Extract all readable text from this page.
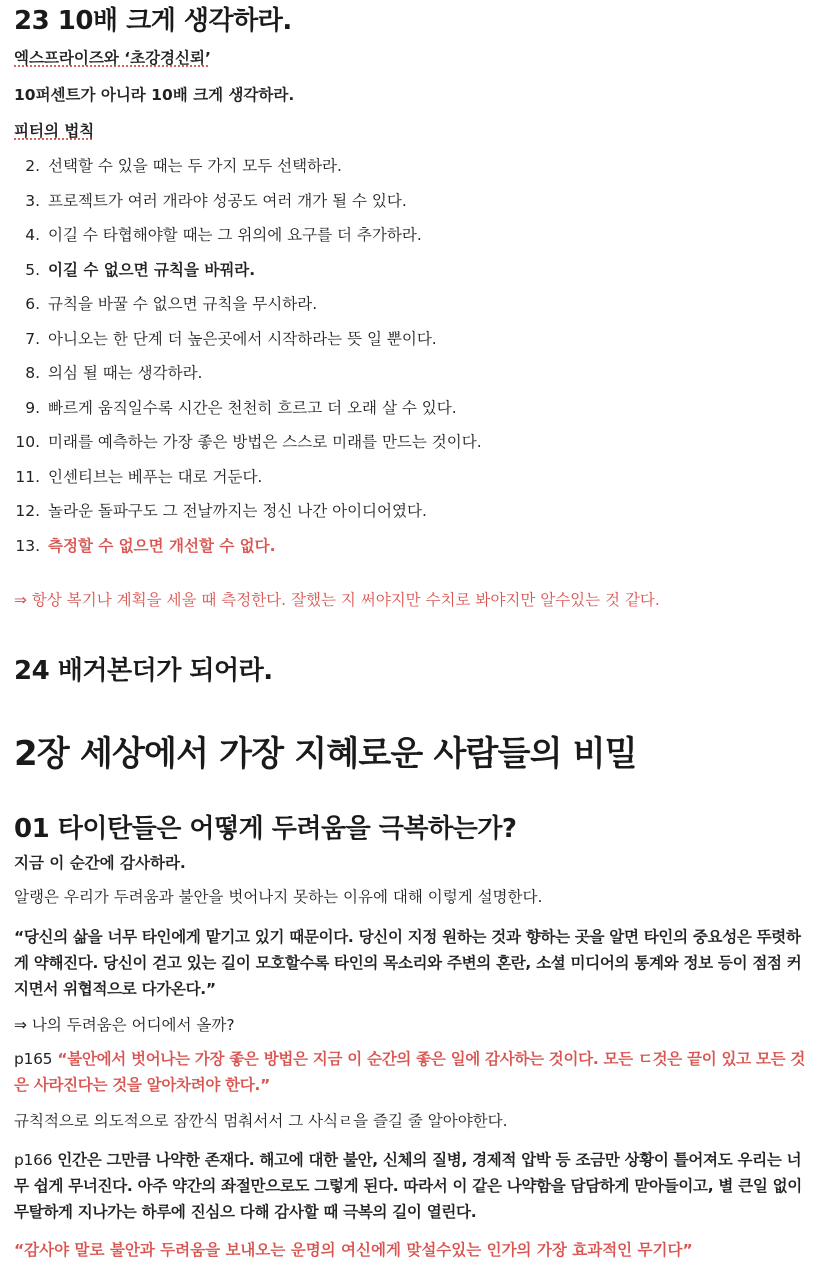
23 10배 크게 생각하라.

엑스프라이즈와 ‘초강경신뢰’

10퍼센트가 아니라 10배 크게 생각하라.

피터의 법칙

2. 선택할 수 있을 때는 두 가지 모두 선택하라.
3. 프로젝트가 여러 개라야 성공도 여러 개가 될 수 있다.
4. 이길 수 타협해야할 때는 그 위의에 요구를 더 추가하라.
5. 이길 수 없으면 규칙을 바꿔라.
6. 규칙을 바꿀 수 없으면 규칙을 무시하라.
7. 아니오는 한 단계 더 높은곳에서 시작하라는 뜻 일 뿐이다.
8. 의심 될 때는 생각하라.
9. 빠르게 움직일수록 시간은 천천히 흐르고 더 오래 살 수 있다.
10. 미래를 예측하는 가장 좋은 방법은 스스로 미래를 만드는 것이다.
11. 인센티브는 베푸는 대로 거둔다.
12. 놀라운 돌파구도 그 전날까지는 정신 나간 아이디어였다.
13. 측정할 수 없으면 개선할 수 없다.

⇒ 항상 복기나 계획을 세울 때 측정한다. 잘했는 지 써야지만 수치로 봐야지만 알수있는 것 같다.

24 배거본더가 되어라.
2장 세상에서 가장 지혜로운 사람들의 비밀
01 타이탄들은 어떻게 두려움을 극복하는가?

지금 이 순간에 감사하라.

알랭은 우리가 두려움과 불안을 벗어나지 못하는 이유에 대해 이렇게 설명한다.

“당신의 삶을 너무 타인에게 맡기고 있기 때문이다. 당신이 지정 원하는 것과 향하는 곳을 알면 타인의 중요성은 뚜렷하게 약해진다. 당신이 걷고 있는 길이 모호할수록 타인의 목소리와 주변의 혼란, 소셜 미디어의 통계와 정보 등이 점점 커지면서 위협적으로 다가온다.”

⇒ 나의 두려움은 어디에서 올까?

p165 “불안에서 벗어나는 가장 좋은 방법은 지금 이 순간의 좋은 일에 감사하는 것이다. 모든 ㄷ것은 끝이 있고 모든 것은 사라진다는 것을 알아차려야 한다.”

규칙적으로 의도적으로 잠깐식 멈춰서서 그 사식ㄹ을 즐길 줄 알아야한다.

p166 인간은 그만큼 나약한 존재다. 해고에 대한 불안, 신체의 질병, 경제적 압박 등 조금만 상황이 틀어져도 우리는 너무 쉽게 무너진다. 아주 약간의 좌절만으로도 그렇게 된다. 따라서 이 같은 나약함을 담담하게 맏아들이고, 별 큰일 없이 무탈하게 지나가는 하루에 진심으 다해 감사할 때 극복의 길이 열린다.

“감사야 말로 불안과 두려움을 보내오는 운명의 여신에게 맞설수있는 인가의 가장 효과적인 무기다”
